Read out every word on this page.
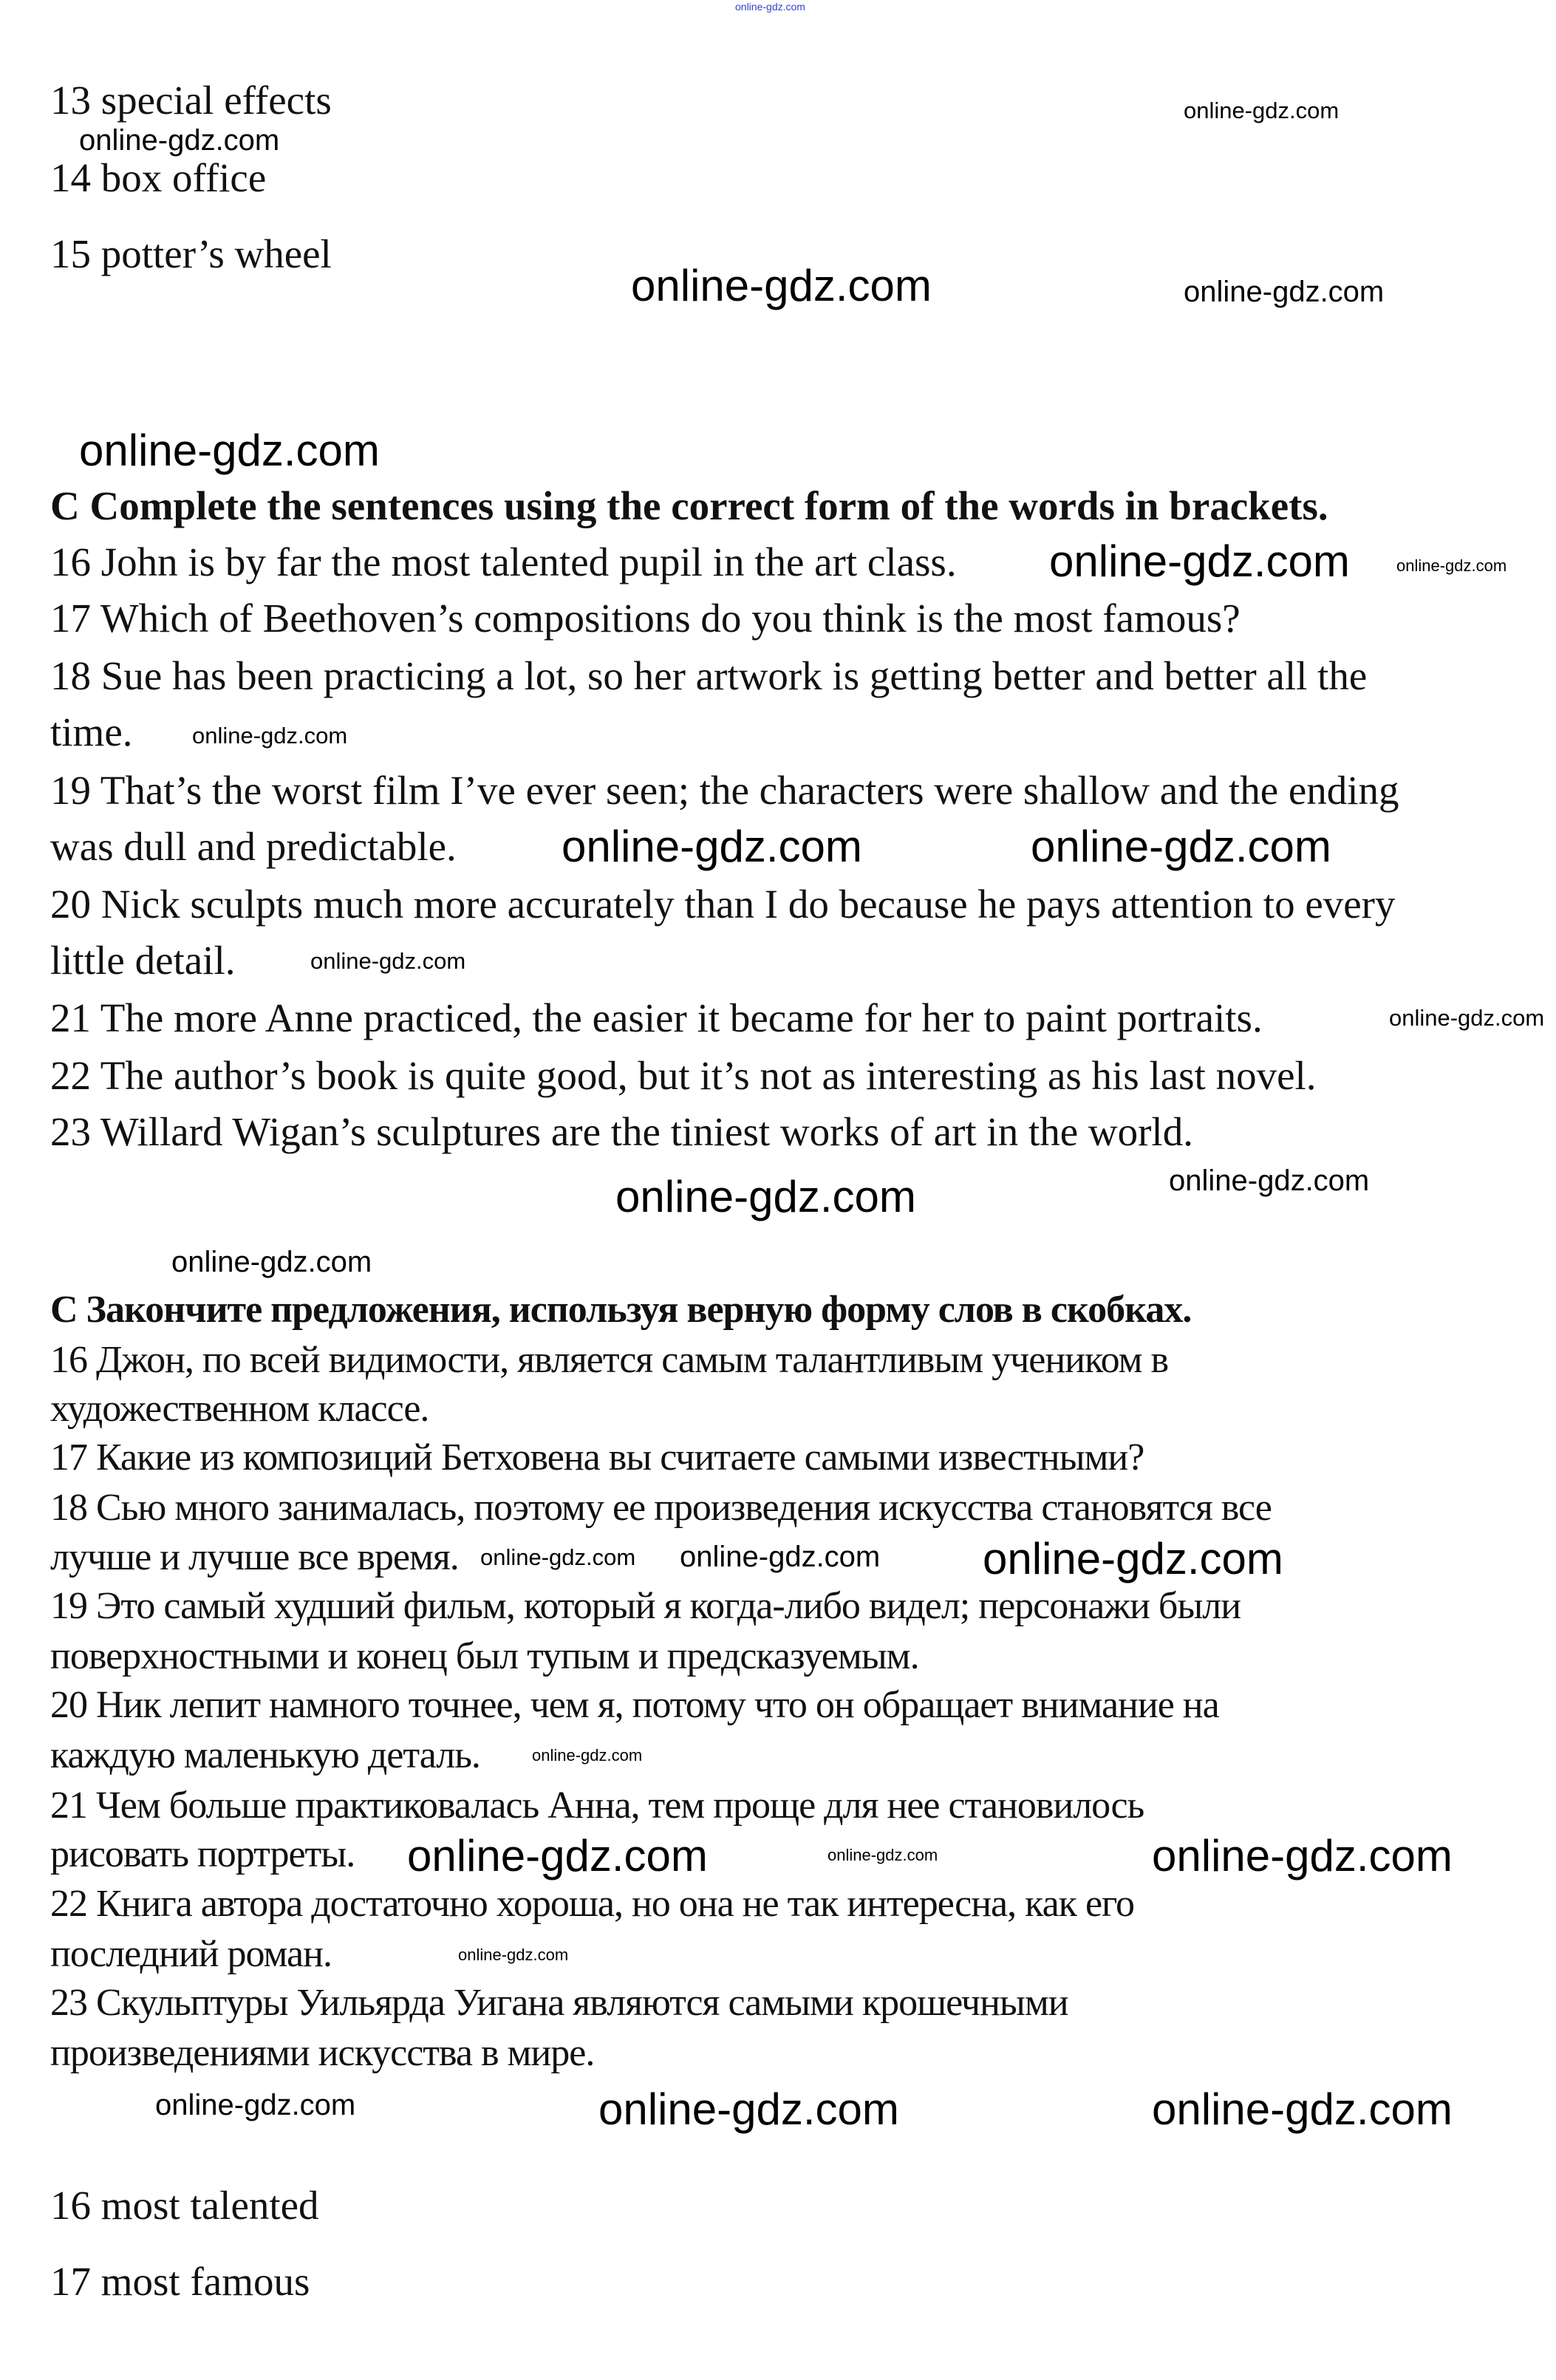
online-gdz.com
13 special effects
14 box office
15 potter’s wheel
C Complete the sentences using the correct form of the words in brackets.
16 John is by far the most talented pupil in the art class.
17 Which of Beethoven’s compositions do you think is the most famous?
18 Sue has been practicing a lot, so her artwork is getting better and better all the
time.
19 That’s the worst film I’ve ever seen; the characters were shallow and the ending
was dull and predictable.
20 Nick sculpts much more accurately than I do because he pays attention to every
little detail.
21 The more Anne practiced, the easier it became for her to paint portraits.
22 The author’s book is quite good, but it’s not as interesting as his last novel.
23 Willard Wigan’s sculptures are the tiniest works of art in the world.
C Закончите предложения, используя верную форму слов в скобках.
16 Джон, по всей видимости, является самым талантливым учеником в
художественном классе.
17 Какие из композиций Бетховена вы считаете самыми известными?
18 Сью много занималась, поэтому ее произведения искусства становятся все
лучше и лучше все время.
19 Это самый худший фильм, который я когда-либо видел; персонажи были
поверхностными и конец был тупым и предсказуемым.
20 Ник лепит намного точнее, чем я, потому что он обращает внимание на
каждую маленькую деталь.
21 Чем больше практиковалась Анна, тем проще для нее становилось
рисовать портреты.
22 Книга автора достаточно хороша, но она не так интересна, как его
последний роман.
23 Скульптуры Уильярда Уигана являются самыми крошечными
произведениями искусства в мире.
16 most talented
17 most famous
online-gdz.com
online-gdz.com
online-gdz.com	online-gdz.com
online-gdz.com
online-gdz.com	online-gdz.com
online-gdz.com
online-gdz.com
online-gdz.com
online-gdz.com
online-gdz.com
online-gdz.com
online-gdz.com
online-gdz.com
online-gdz.com online-gdz.com online-gdz.com
online-gdz.com
online-gdz.com
online-gdz.com	online-gdz.com
online-gdz.com
online-gdz.com	online-gdz.com	online-gdz.com
